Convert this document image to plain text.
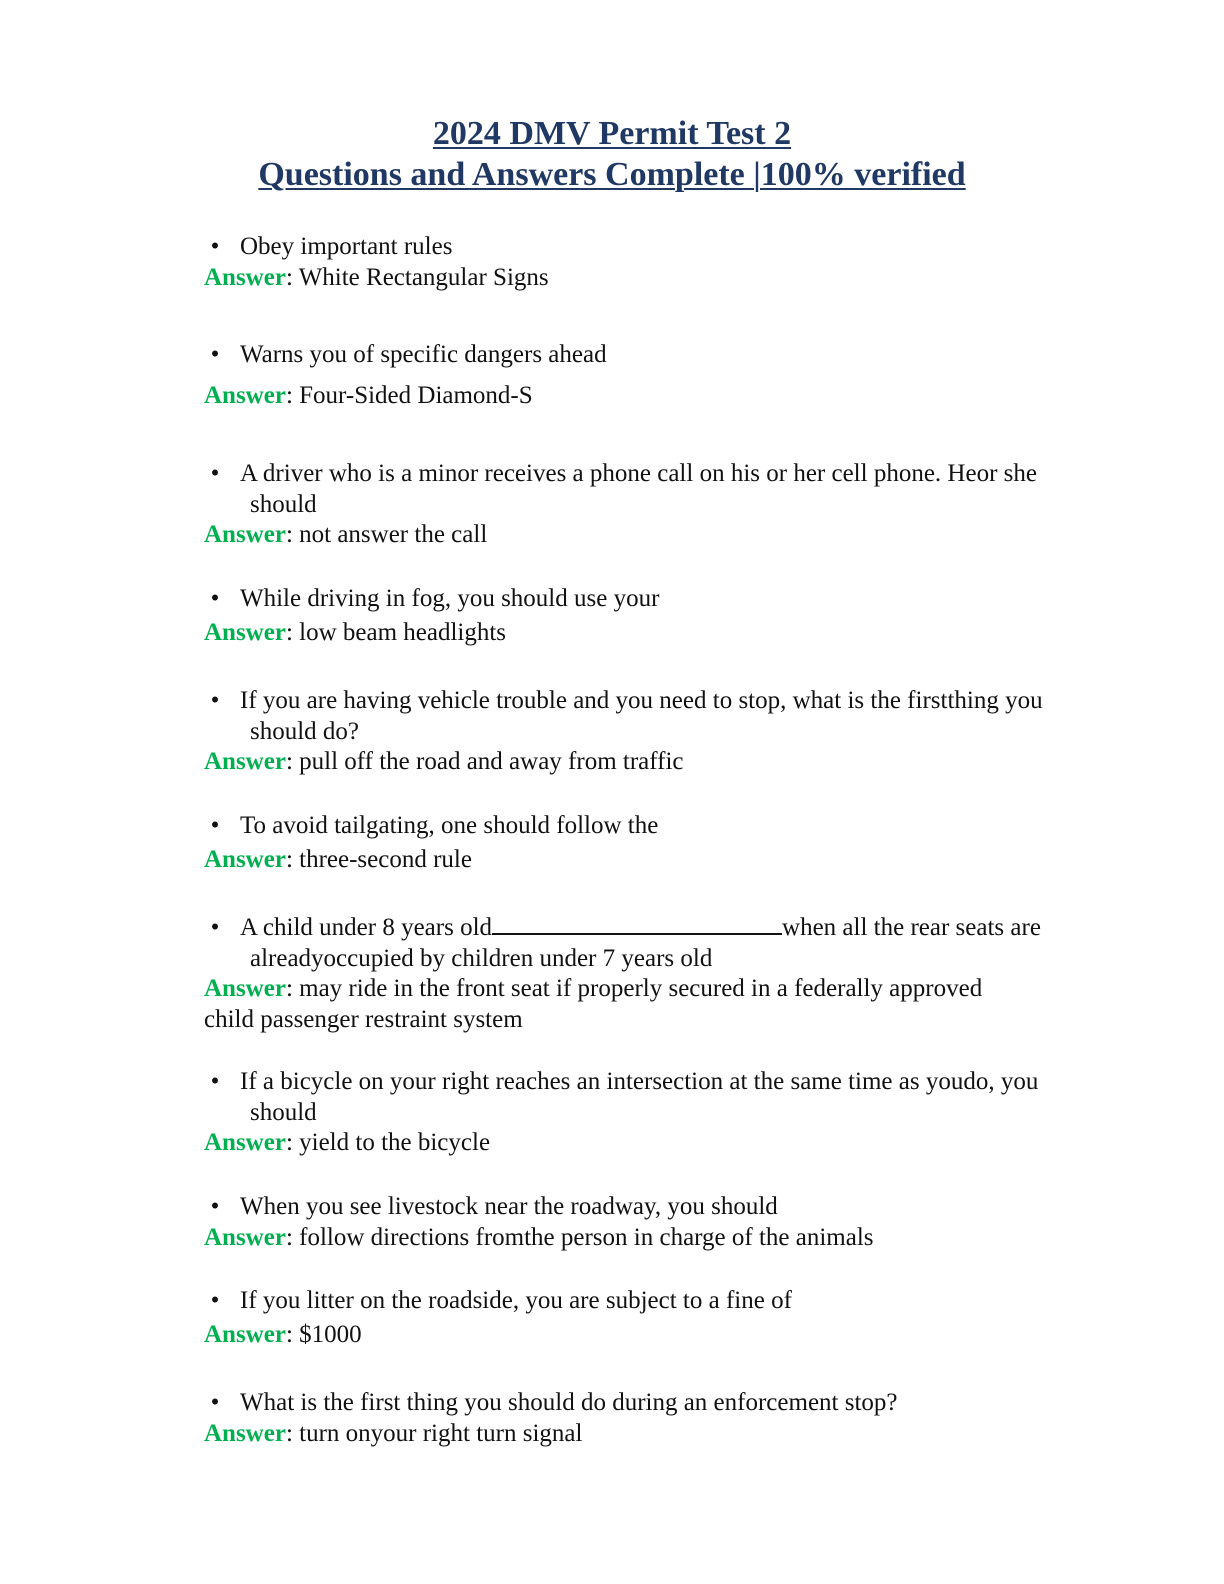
2024 DMV Permit Test 2
Questions and Answers Complete |100% verified
• Obey important rules
Answer: White Rectangular Signs
• Warns you of specific dangers ahead
Answer: Four-Sided Diamond-S
• A driver who is a minor receives a phone call on his or her cell phone. Heor she
should
Answer: not answer the call
• While driving in fog, you should use your
Answer: low beam headlights
• If you are having vehicle trouble and you need to stop, what is the firstthing you
should do?
Answer: pull off the road and away from traffic
• To avoid tailgating, one should follow the
Answer: three-second rule
• A child under 8 years old	when all the rear seats are
alreadyoccupied by children under 7 years old
Answer: may ride in the front seat if properly secured in a federally approved
child passenger restraint system
• If a bicycle on your right reaches an intersection at the same time as youdo, you
should
Answer: yield to the bicycle
• When you see livestock near the roadway, you should
Answer: follow directions fromthe person in charge of the animals
• If you litter on the roadside, you are subject to a fine of
Answer: $1000
• What is the first thing you should do during an enforcement stop?
Answer: turn onyour right turn signal
